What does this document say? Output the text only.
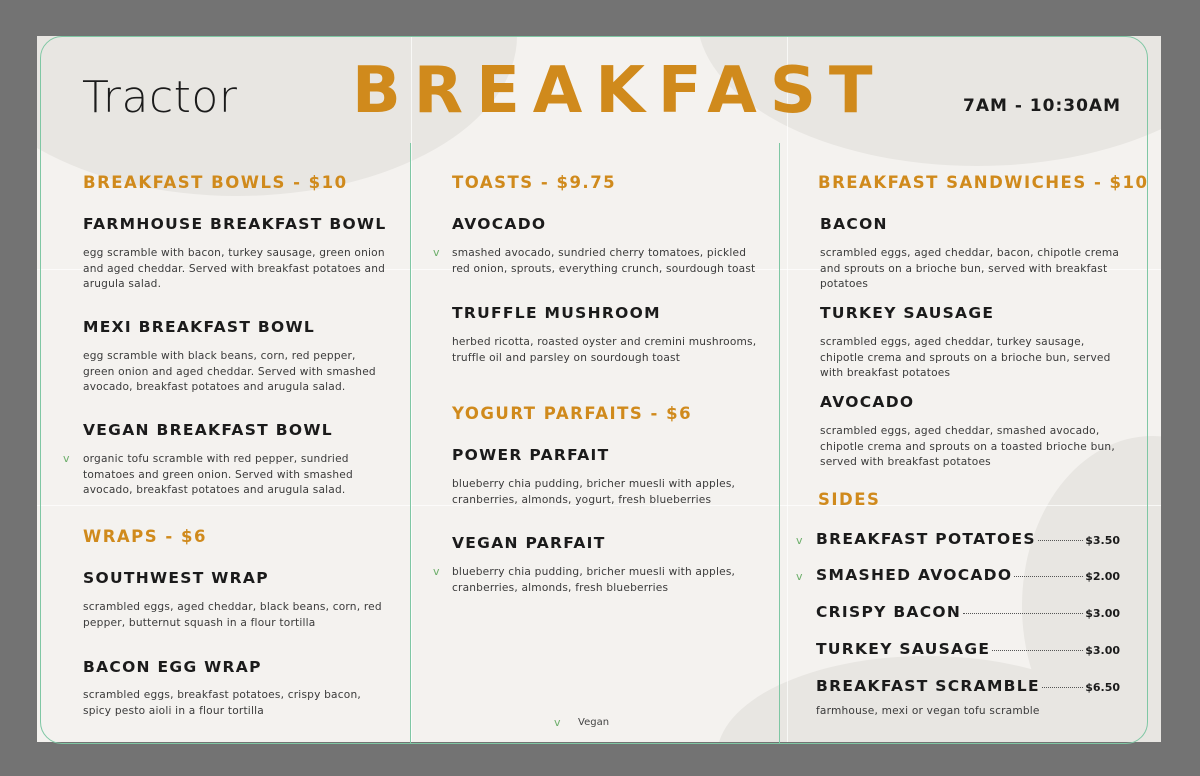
Tractor BREAKFAST	7AM - 10:30AM
BREAKFAST BOWLS - $10
FARMHOUSE BREAKFAST BOWL
egg scramble with bacon, turkey sausage, green onion and aged cheddar. Served with breakfast potatoes and arugula salad.
MEXI BREAKFAST BOWL
egg scramble with black beans, corn, red pepper, green onion and aged cheddar. Served with smashed avocado, breakfast potatoes and arugula salad.
VEGAN BREAKFAST BOWL
v organic tofu scramble with red pepper, sundried tomatoes and green onion. Served with smashed avocado, breakfast potatoes and arugula salad.
WRAPS - $6
SOUTHWEST WRAP
scrambled eggs, aged cheddar, black beans, corn, red pepper, butternut squash in a flour tortilla
BACON EGG WRAP
scrambled eggs, breakfast potatoes, crispy bacon, spicy pesto aioli in a flour tortilla
TOASTS - $9.75
AVOCADO
v smashed avocado, sundried cherry tomatoes, pickled red onion, sprouts, everything crunch, sourdough toast
TRUFFLE MUSHROOM
herbed ricotta, roasted oyster and cremini mushrooms, truffle oil and parsley on sourdough toast
YOGURT PARFAITS - $6
POWER PARFAIT
blueberry chia pudding, bricher muesli with apples, cranberries, almonds, yogurt, fresh blueberries
VEGAN PARFAIT
v blueberry chia pudding, bricher muesli with apples, cranberries, almonds, fresh blueberries
v Vegan
BREAKFAST SANDWICHES - $10
BACON
scrambled eggs, aged cheddar, bacon, chipotle crema and sprouts on a brioche bun, served with breakfast potatoes
TURKEY SAUSAGE
scrambled eggs, aged cheddar, turkey sausage, chipotle crema and sprouts on a brioche bun, served with breakfast potatoes
AVOCADO
scrambled eggs, aged cheddar, smashed avocado, chipotle crema and sprouts on a toasted brioche bun, served with breakfast potatoes
SIDES
v BREAKFAST POTATOES	$3.50
v SMASHED AVOCADO	$2.00
CRISPY BACON	$3.00
TURKEY SAUSAGE	$3.00
BREAKFAST SCRAMBLE	$6.50
farmhouse, mexi or vegan tofu scramble
